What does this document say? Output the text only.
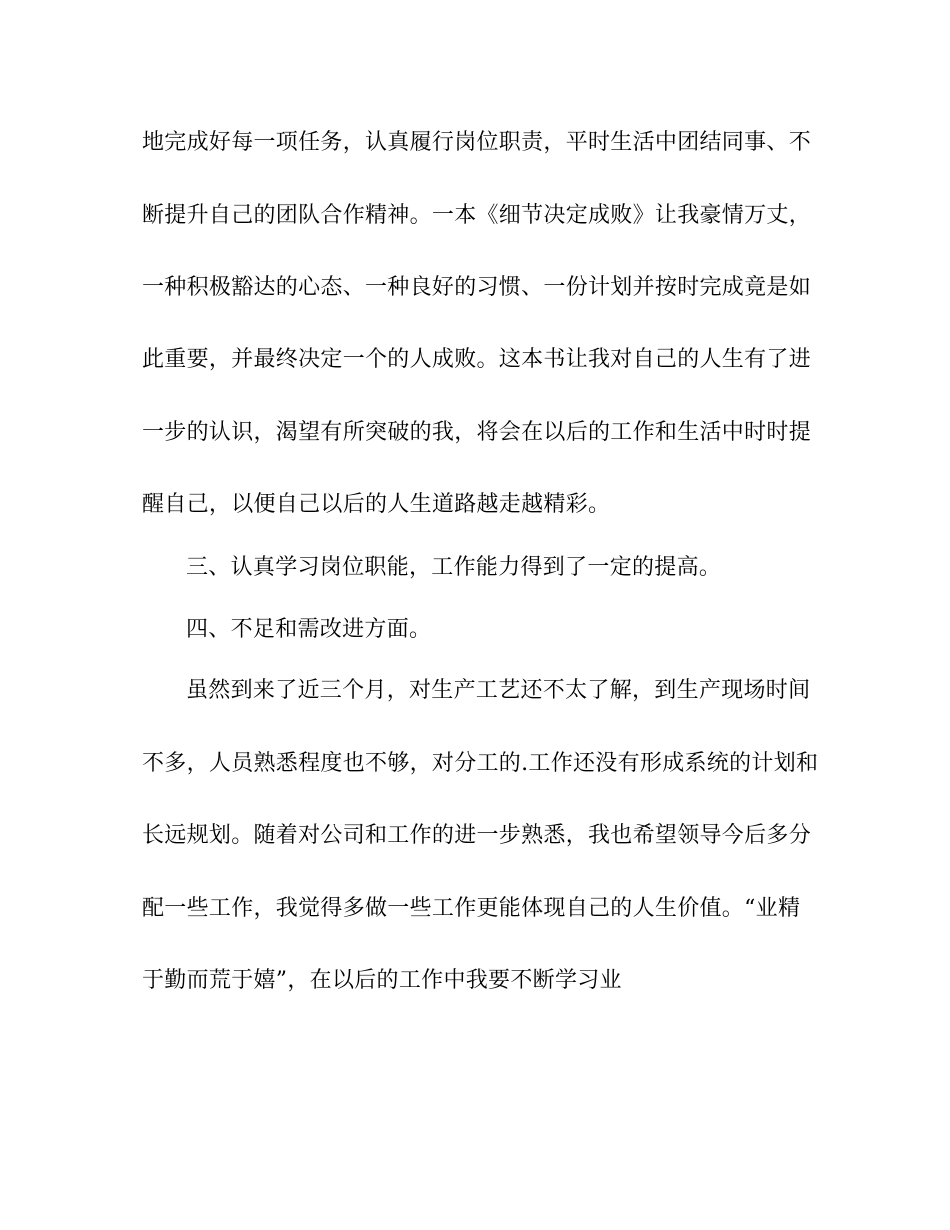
地完成好每一项任务，认真履行岗位职责，平时生活中团结同事、不
断提升自己的团队合作精神。一本《细节决定成败》让我豪情万丈，
一种积极豁达的心态、一种良好的习惯、一份计划并按时完成竟是如
此重要，并最终决定一个的人成败。这本书让我对自己的人生有了进
一步的认识，渴望有所突破的我，将会在以后的工作和生活中时时提
醒自己，以便自己以后的人生道路越走越精彩。
三、认真学习岗位职能，工作能力得到了一定的提高。
四、不足和需改进方面。
虽然到来了近三个月，对生产工艺还不太了解，到生产现场时间
不多，人员熟悉程度也不够，对分工的.工作还没有形成系统的计划和
长远规划。随着对公司和工作的进一步熟悉，我也希望领导今后多分
配一些工作，我觉得多做一些工作更能体现自己的人生价值。“业精
于勤而荒于嬉”，在以后的工作中我要不断学习业
